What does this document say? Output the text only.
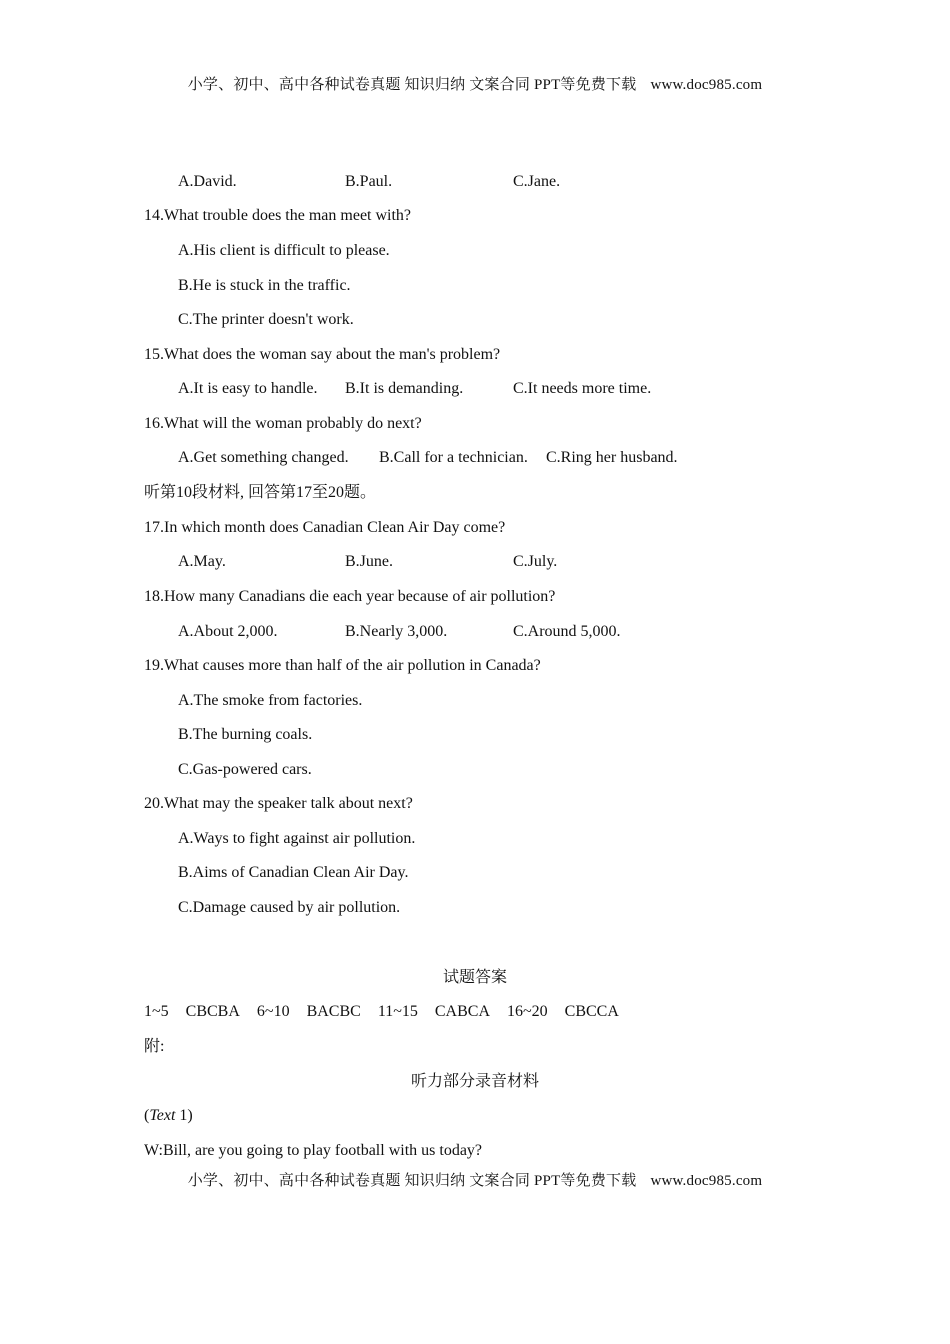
小学、初中、高中各种试卷真题 知识归纳 文案合同 PPT等免费下载 www.doc985.com
A.David.	B.Paul.	C.Jane.
14.What trouble does the man meet with?
A.His client is difficult to please.
B.He is stuck in the traffic.
C.The printer doesn't work.
15.What does the woman say about the man's problem?
A.It is easy to handle. B.It is demanding.	C.It needs more time.
16.What will the woman probably do next?
A.Get something changed. B.Call for a technician. C.Ring her husband.
听第10段材料, 回答第17至20题。
17.In which month does Canadian Clean Air Day come?
A.May.	B.June.	C.July.
18.How many Canadians die each year because of air pollution?
A.About 2,000.	B.Nearly 3,000.	C.Around 5,000.
19.What causes more than half of the air pollution in Canada?
A.The smoke from factories.
B.The burning coals.
C.Gas-powered cars.
20.What may the speaker talk about next?
A.Ways to fight against air pollution.
B.Aims of Canadian Clean Air Day.
C.Damage caused by air pollution.
试题答案
1~5 CBCBA 6~10 BACBC 11~15 CABCA 16~20 CBCCA
附:
听力部分录音材料
(Text 1)
W:Bill, are you going to play football with us today?
小学、初中、高中各种试卷真题 知识归纳 文案合同 PPT等免费下载 www.doc985.com
